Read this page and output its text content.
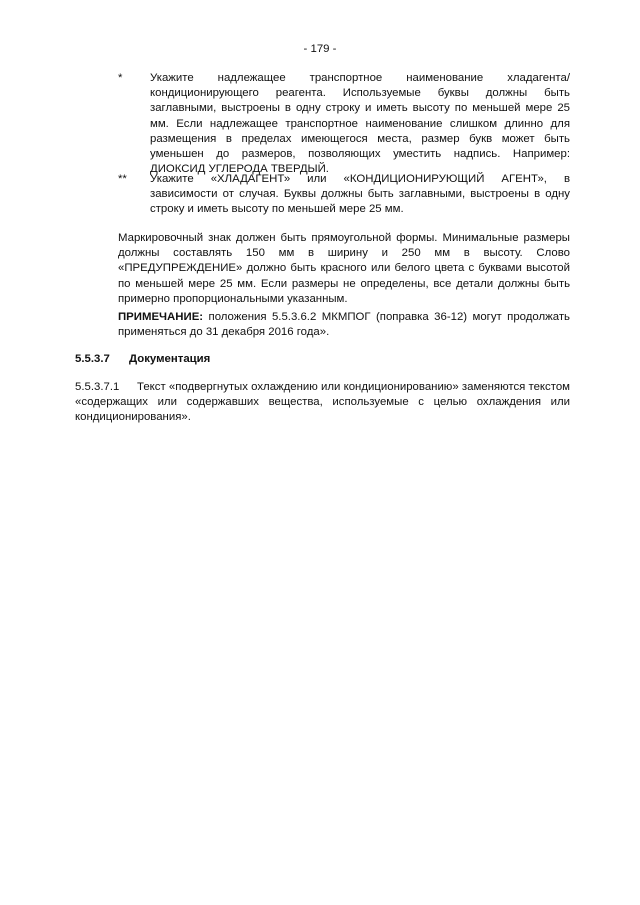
- 179 -
*	Укажите надлежащее транспортное наименование хладагента/кондиционирующего реагента. Используемые буквы должны быть заглавными, выстроены в одну строку и иметь высоту по меньшей мере 25 мм. Если надлежащее транспортное наименование слишком длинно для размещения в пределах имеющегося места, размер букв может быть уменьшен до размеров, позволяющих уместить надпись. Например: ДИОКСИД УГЛЕРОДА ТВЕРДЫЙ.
**	Укажите «ХЛАДАГЕНТ» или «КОНДИЦИОНИРУЮЩИЙ АГЕНТ», в зависимости от случая. Буквы должны быть заглавными, выстроены в одну строку и иметь высоту по меньшей мере 25 мм.
Маркировочный знак должен быть прямоугольной формы. Минимальные размеры должны составлять 150 мм в ширину и 250 мм в высоту. Слово «ПРЕДУПРЕЖДЕНИЕ» должно быть красного или белого цвета с буквами высотой по меньшей мере 25 мм. Если размеры не определены, все детали должны быть примерно пропорциональными указанным.
ПРИМЕЧАНИЕ: положения 5.5.3.6.2 МКМПОГ (поправка 36-12) могут продолжать применяться до 31 декабря 2016 года».
5.5.3.7 Документация
5.5.3.7.1 Текст «подвергнутых охлаждению или кондиционированию» заменяются текстом «содержащих или содержавших вещества, используемые с целью охлаждения или кондиционирования».
